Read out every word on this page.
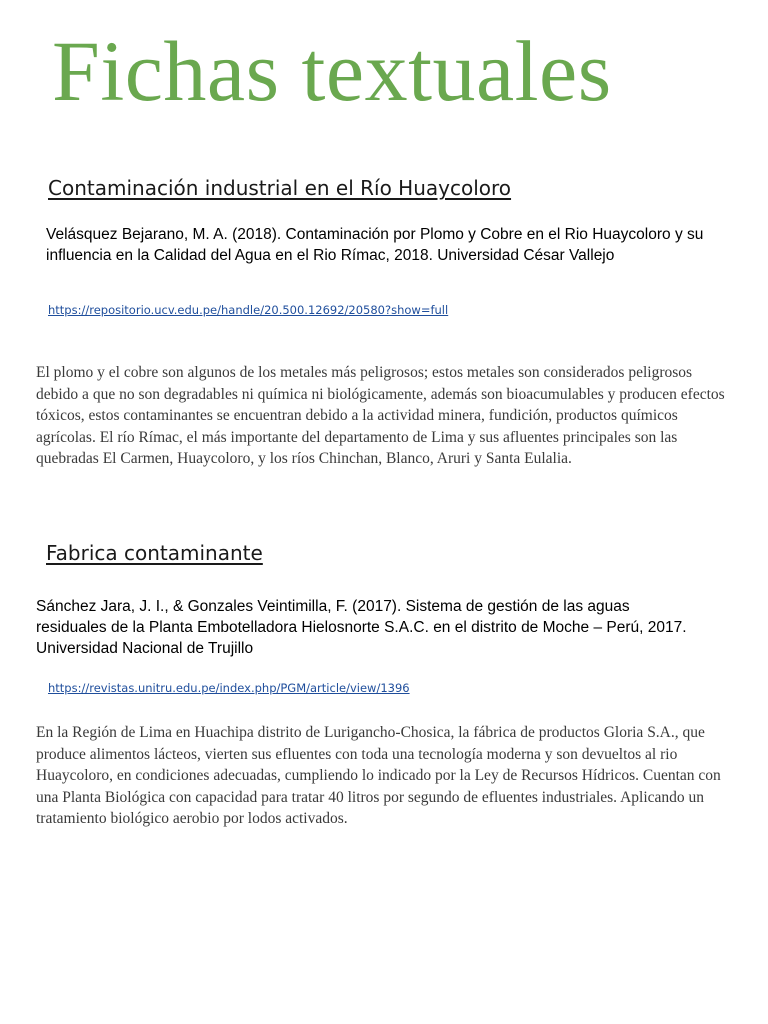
Fichas textuales
Contaminación industrial en el Río Huaycoloro

Velásquez Bejarano, M. A. (2018). Contaminación por Plomo y Cobre en el Rio Huaycoloro y su influencia en la Calidad del Agua en el Rio Rímac, 2018. Universidad César Vallejo

https://repositorio.ucv.edu.pe/handle/20.500.12692/20580?show=full

El plomo y el cobre son algunos de los metales más peligrosos; estos metales son considerados peligrosos debido a que no son degradables ni química ni biológicamente, además son bioacumulables y producen efectos tóxicos, estos contaminantes se encuentran debido a la actividad minera, fundición, productos químicos agrícolas. El río Rímac, el más importante del departamento de Lima y sus afluentes principales son las quebradas El Carmen, Huaycoloro, y los ríos Chinchan, Blanco, Aruri y Santa Eulalia.

Fabrica contaminante

Sánchez Jara, J. I., & Gonzales Veintimilla, F. (2017). Sistema de gestión de las aguas residuales de la Planta Embotelladora Hielosnorte S.A.C. en el distrito de Moche – Perú, 2017. Universidad Nacional de Trujillo

https://revistas.unitru.edu.pe/index.php/PGM/article/view/1396

En la Región de Lima en Huachipa distrito de Lurigancho-Chosica, la fábrica de productos Gloria S.A., que produce alimentos lácteos, vierten sus efluentes con toda una tecnología moderna y son devueltos al rio Huaycoloro, en condiciones adecuadas, cumpliendo lo indicado por la Ley de Recursos Hídricos. Cuentan con una Planta Biológica con capacidad para tratar 40 litros por segundo de efluentes industriales. Aplicando un tratamiento biológico aerobio por lodos activados.
